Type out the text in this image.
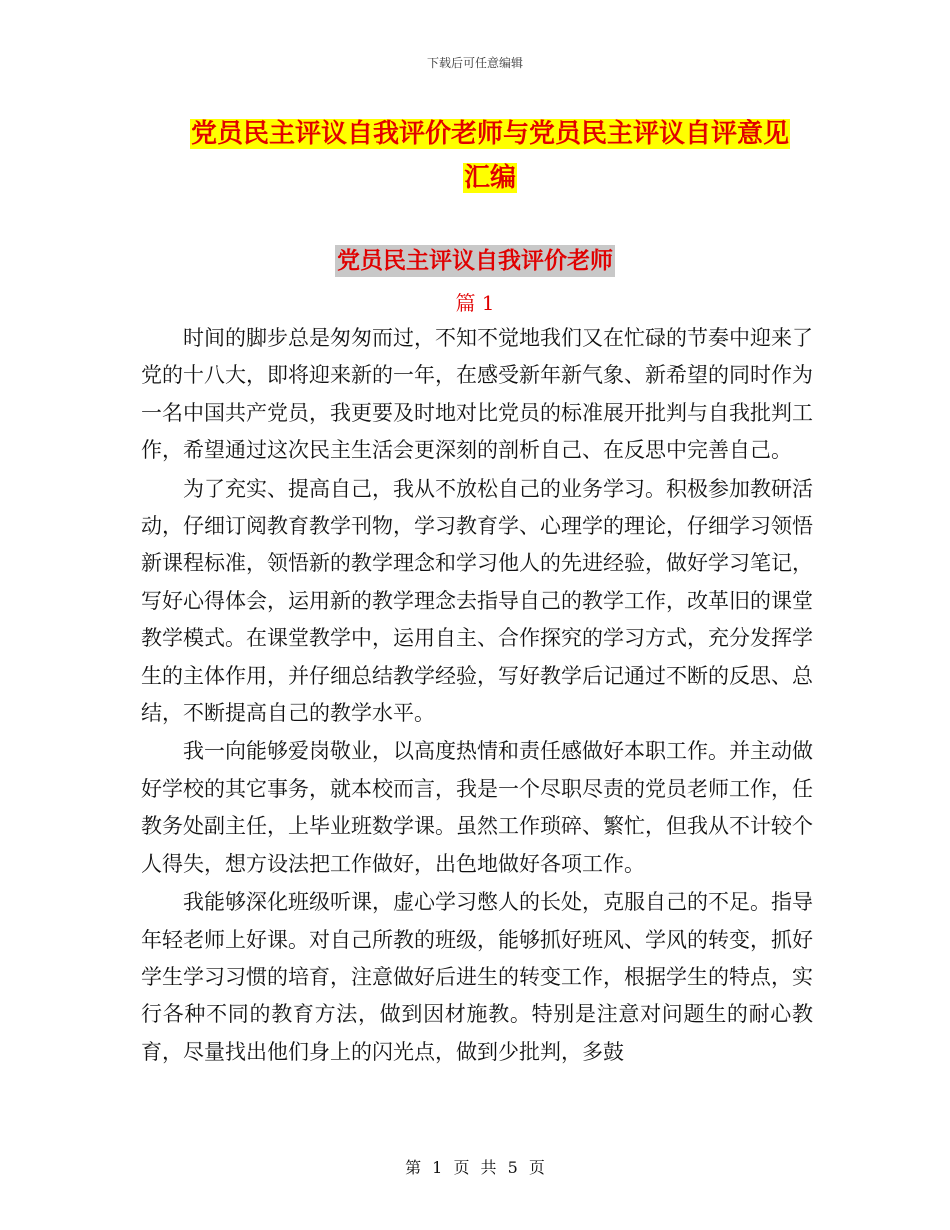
下载后可任意编辑
党员民主评议自我评价老师与党员民主评议自评意见
汇编
党员民主评议自我评价老师
篇 1

时间的脚步总是匆匆而过，不知不觉地我们又在忙碌的节奏中迎来了党的十八大，即将迎来新的一年，在感受新年新气象、新希望的同时作为一名中国共产党员，我更要及时地对比党员的标准展开批判与自我批判工作，希望通过这次民主生活会更深刻的剖析自己、在反思中完善自己。

为了充实、提高自己，我从不放松自己的业务学习。积极参加教研活动，仔细订阅教育教学刊物，学习教育学、心理学的理论，仔细学习领悟新课程标准，领悟新的教学理念和学习他人的先进经验，做好学习笔记，写好心得体会，运用新的教学理念去指导自己的教学工作，改革旧的课堂教学模式。在课堂教学中，运用自主、合作探究的学习方式，充分发挥学生的主体作用，并仔细总结教学经验，写好教学后记通过不断的反思、总结，不断提高自己的教学水平。

我一向能够爱岗敬业，以高度热情和责任感做好本职工作。并主动做好学校的其它事务，就本校而言，我是一个尽职尽责的党员老师工作，任教务处副主任，上毕业班数学课。虽然工作琐碎、繁忙，但我从不计较个人得失，想方设法把工作做好，出色地做好各项工作。

我能够深化班级听课，虚心学习憋人的长处，克服自己的不足。指导年轻老师上好课。对自己所教的班级，能够抓好班风、学风的转变，抓好学生学习习惯的培育，注意做好后进生的转变工作，根据学生的特点，实行各种不同的教育方法，做到因材施教。特别是注意对问题生的耐心教育，尽量找出他们身上的闪光点，做到少批判，多鼓

第 1 页 共 5 页
